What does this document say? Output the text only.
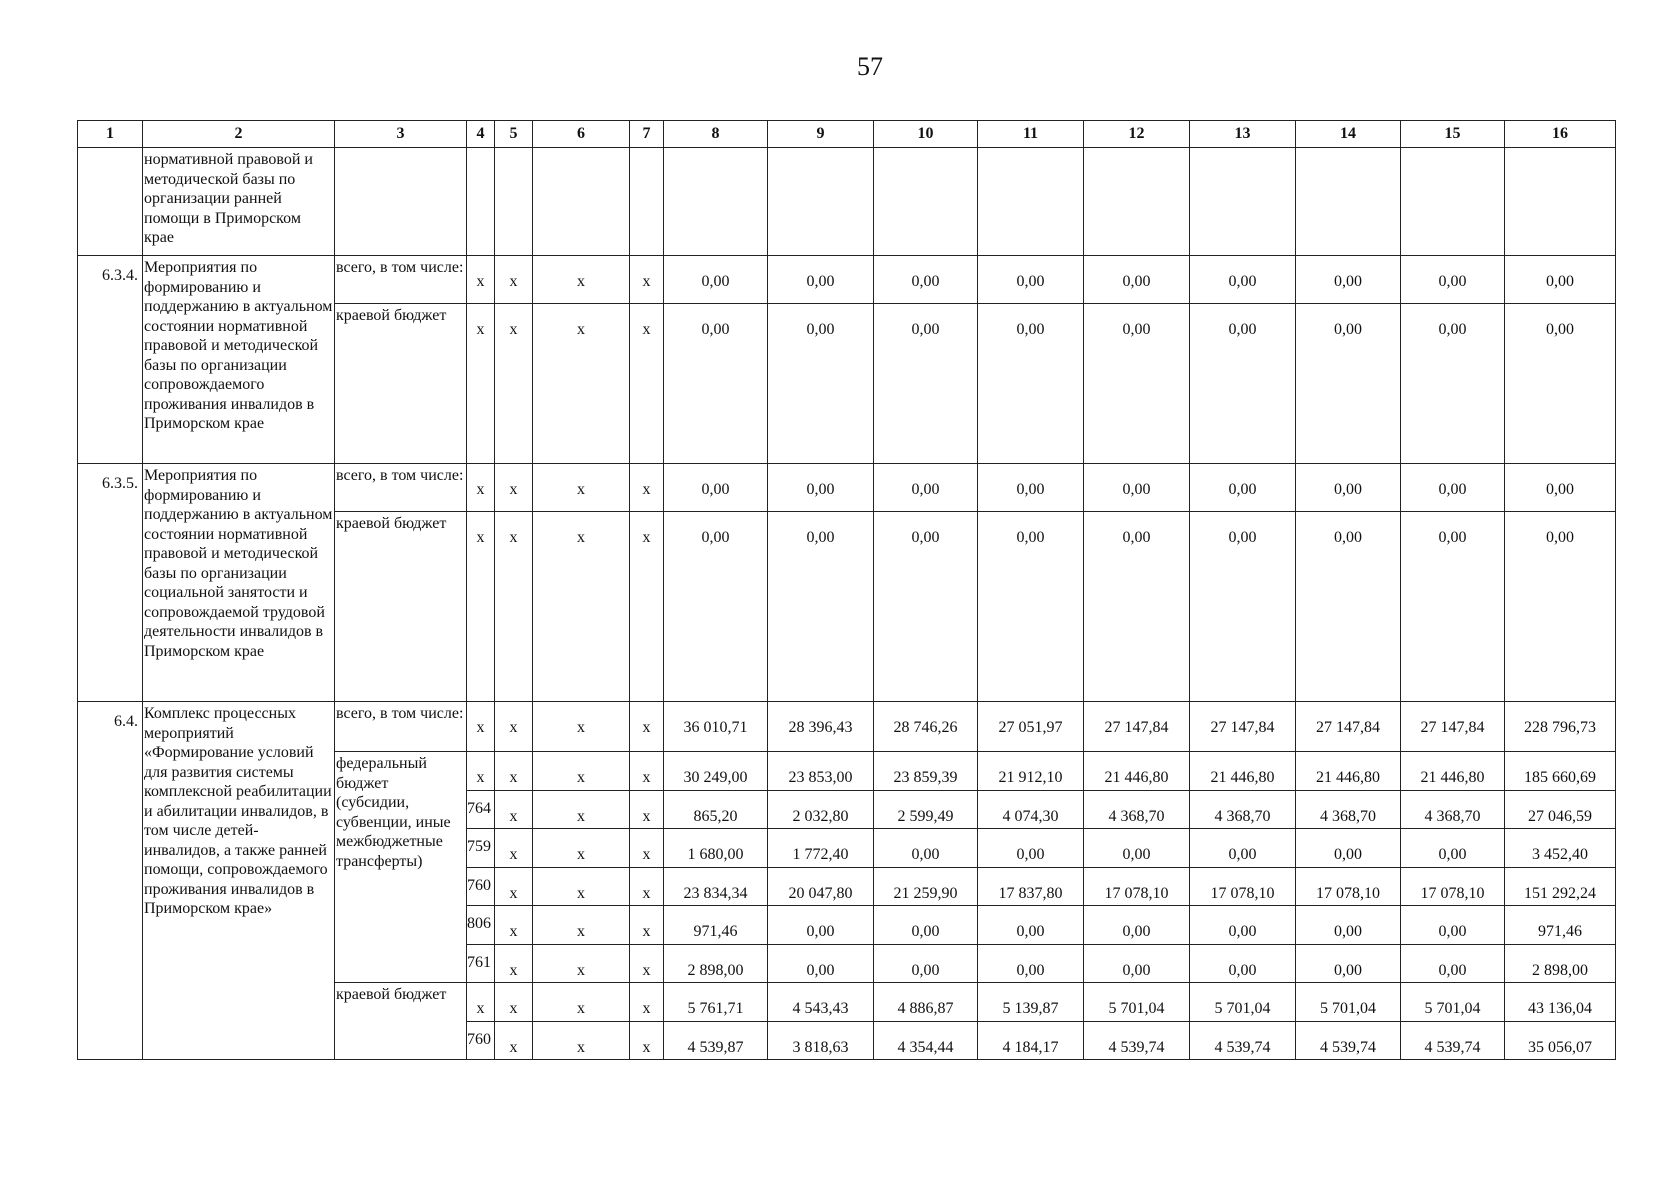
57
1	2	3	4	5	6	7	8	9	10	11	12	13	14	15	16
	нормативной правовой и методической базы по организации ранней помощи в Приморском крае														
6.3.4.	Мероприятия по формированию и поддержанию в актуальном состоянии нормативной правовой и методической базы по организации сопровождаемого проживания инвалидов в Приморском крае	всего, в том числе:	x	x	x	x	0,00	0,00	0,00	0,00	0,00	0,00	0,00	0,00	0,00
		краевой бюджет	x	x	x	x	0,00	0,00	0,00	0,00	0,00	0,00	0,00	0,00	0,00
6.3.5.	Мероприятия по формированию и поддержанию в актуальном состоянии нормативной правовой и методической базы по организации социальной занятости и сопровождаемой трудовой деятельности инвалидов в Приморском крае	всего, в том числе:	x	x	x	x	0,00	0,00	0,00	0,00	0,00	0,00	0,00	0,00	0,00
		краевой бюджет	x	x	x	x	0,00	0,00	0,00	0,00	0,00	0,00	0,00	0,00	0,00
6.4.	Комплекс процессных мероприятий «Формирование условий для развития системы комплексной реабилитации и абилитации инвалидов, в том числе детей-инвалидов, а также ранней помощи, сопровождаемого проживания инвалидов в Приморском крае»	всего, в том числе:	x	x	x	x	36 010,71	28 396,43	28 746,26	27 051,97	27 147,84	27 147,84	27 147,84	27 147,84	228 796,73
		федеральный бюджет (субсидии, субвенции, иные межбюджетные трансферты)	x	x	x	x	30 249,00	23 853,00	23 859,39	21 912,10	21 446,80	21 446,80	21 446,80	21 446,80	185 660,69
			764	x	x	x	865,20	2 032,80	2 599,49	4 074,30	4 368,70	4 368,70	4 368,70	4 368,70	27 046,59
			759	x	x	x	1 680,00	1 772,40	0,00	0,00	0,00	0,00	0,00	0,00	3 452,40
			760	x	x	x	23 834,34	20 047,80	21 259,90	17 837,80	17 078,10	17 078,10	17 078,10	17 078,10	151 292,24
			806	x	x	x	971,46	0,00	0,00	0,00	0,00	0,00	0,00	0,00	971,46
			761	x	x	x	2 898,00	0,00	0,00	0,00	0,00	0,00	0,00	0,00	2 898,00
		краевой бюджет	x	x	x	x	5 761,71	4 543,43	4 886,87	5 139,87	5 701,04	5 701,04	5 701,04	5 701,04	43 136,04
			760	x	x	x	4 539,87	3 818,63	4 354,44	4 184,17	4 539,74	4 539,74	4 539,74	4 539,74	35 056,07
